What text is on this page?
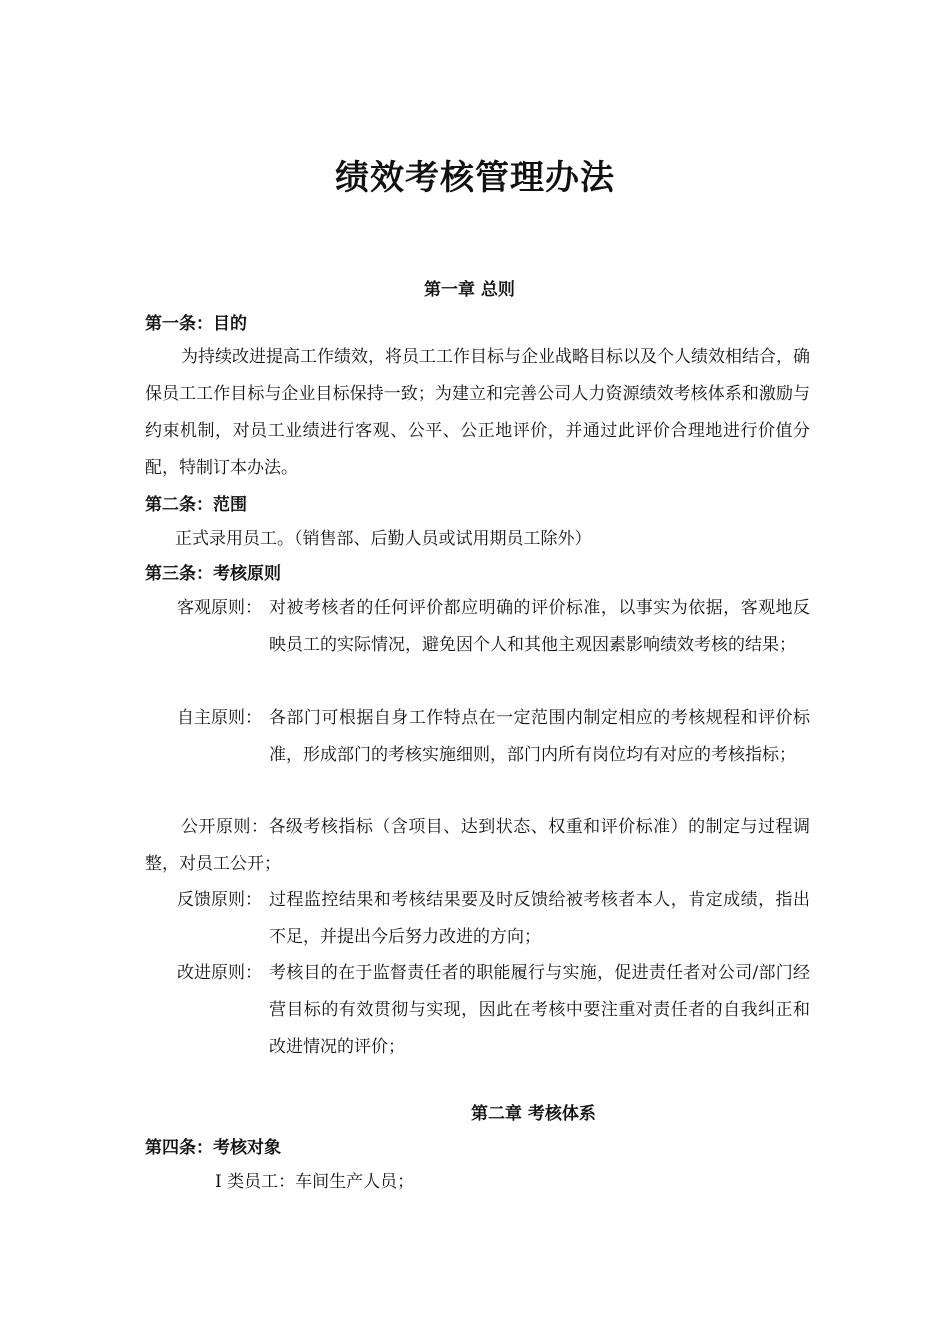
绩效考核管理办法
第一章 总则
第一条：目的

为持续改进提高工作绩效，将员工工作目标与企业战略目标以及个人绩效相结合，确保员工工作目标与企业目标保持一致；为建立和完善公司人力资源绩效考核体系和激励与约束机制，对员工业绩进行客观、公平、公正地评价，并通过此评价合理地进行价值分配，特制订本办法。

第二条：范围
正式录用员工。（销售部、后勤人员或试用期员工除外）
第三条：考核原则
客观原则： 对被考核者的任何评价都应明确的评价标准，以事实为依据，客观地反映员工的实际情况，避免因个人和其他主观因素影响绩效考核的结果；
自主原则： 各部门可根据自身工作特点在一定范围内制定相应的考核规程和评价标准，形成部门的考核实施细则，部门内所有岗位均有对应的考核指标；
公开原则：各级考核指标（含项目、达到状态、权重和评价标准）的制定与过程调整，对员工公开；
反馈原则： 过程监控结果和考核结果要及时反馈给被考核者本人，肯定成绩，指出不足，并提出今后努力改进的方向；
改进原则： 考核目的在于监督责任者的职能履行与实施，促进责任者对公司/部门经营目标的有效贯彻与实现，因此在考核中要注重对责任者的自我纠正和改进情况的评价；
第二章 考核体系
第四条：考核对象
Ⅰ 类员工：车间生产人员；
